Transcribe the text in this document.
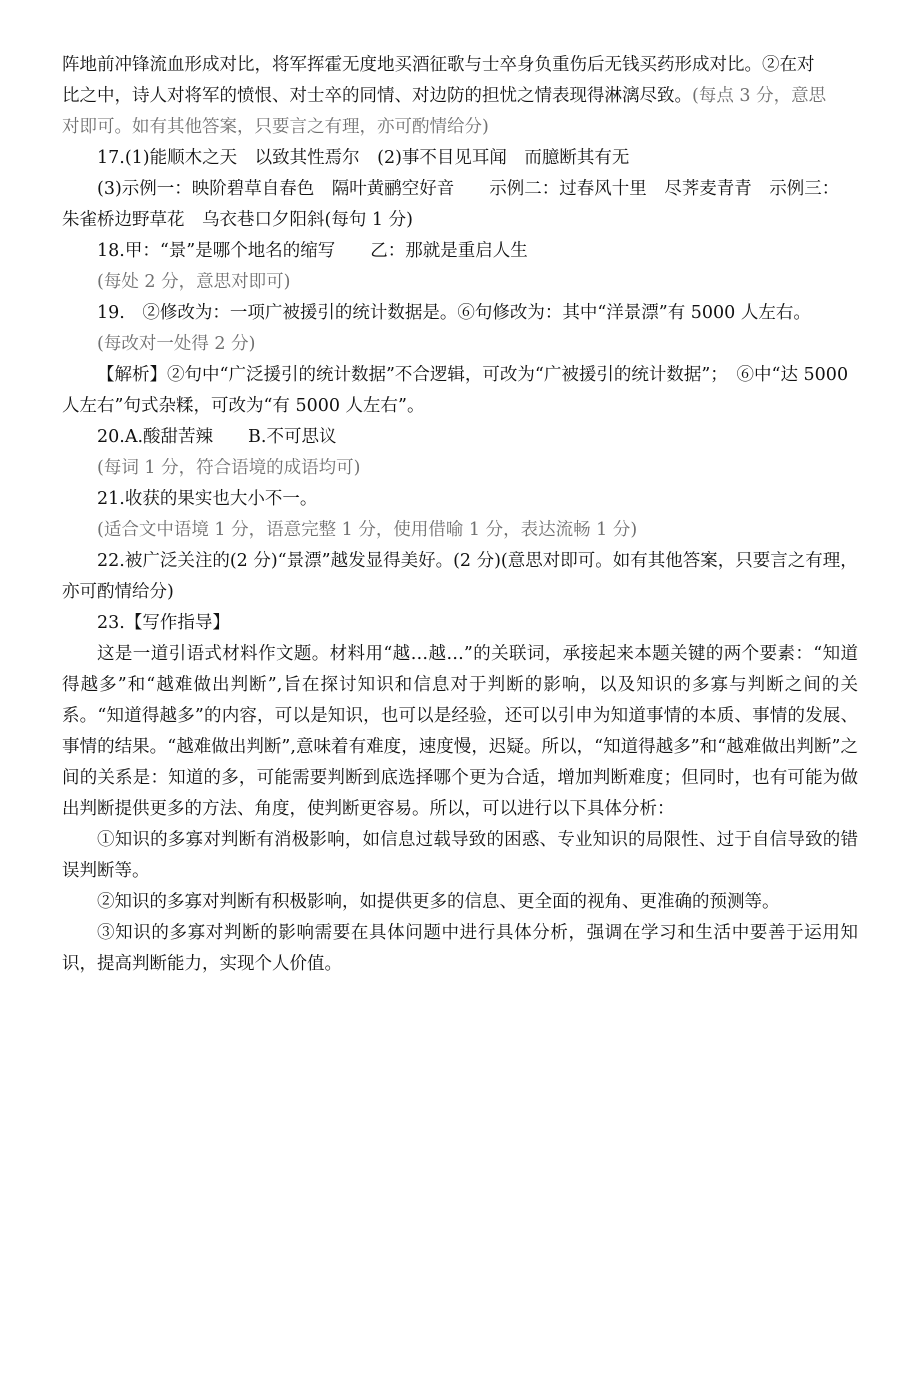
阵地前冲锋流血形成对比，将军挥霍无度地买酒征歌与士卒身负重伤后无钱买药形成对比。②在对

比之中，诗人对将军的愤恨、对士卒的同情、对边防的担忧之情表现得淋漓尽致。(每点 3 分，意思

对即可。如有其他答案，只要言之有理，亦可酌情给分)

17.(1)能顺木之天　以致其性焉尔　(2)事不目见耳闻　而臆断其有无

(3)示例一：映阶碧草自春色　隔叶黄鹂空好音　　示例二：过春风十里　尽荠麦青青　示例三：

朱雀桥边野草花　乌衣巷口夕阳斜(每句 1 分)

18.甲：“景”是哪个地名的缩写　　乙：那就是重启人生

(每处 2 分，意思对即可)

19.　②修改为：一项广被援引的统计数据是。⑥句修改为：其中“洋景漂”有 5000 人左右。

(每改对一处得 2 分)

【解析】②句中“广泛援引的统计数据”不合逻辑，可改为“广被援引的统计数据”；　⑥中“达 5000

人左右”句式杂糅，可改为“有 5000 人左右”。

20.A.酸甜苦辣　　B.不可思议

(每词 1 分，符合语境的成语均可)

21.收获的果实也大小不一。

(适合文中语境 1 分，语意完整 1 分，使用借喻 1 分，表达流畅 1 分)

22.被广泛关注的(2 分)“景漂”越发显得美好。(2 分)(意思对即可。如有其他答案，只要言之有理，

亦可酌情给分)

23.【写作指导】

这是一道引语式材料作文题。材料用“越…越…”的关联词，承接起来本题关键的两个要素：“知道得越多”和“越难做出判断”,旨在探讨知识和信息对于判断的影响，以及知识的多寡与判断之间的关系。“知道得越多”的内容，可以是知识，也可以是经验，还可以引申为知道事情的本质、事情的发展、事情的结果。“越难做出判断”,意味着有难度，速度慢，迟疑。所以，“知道得越多”和“越难做出判断”之间的关系是：知道的多，可能需要判断到底选择哪个更为合适，增加判断难度；但同时，也有可能为做出判断提供更多的方法、角度，使判断更容易。所以，可以进行以下具体分析：

①知识的多寡对判断有消极影响，如信息过载导致的困惑、专业知识的局限性、过于自信导致的错误判断等。

②知识的多寡对判断有积极影响，如提供更多的信息、更全面的视角、更准确的预测等。

③知识的多寡对判断的影响需要在具体问题中进行具体分析，强调在学习和生活中要善于运用知识，提高判断能力，实现个人价值。
